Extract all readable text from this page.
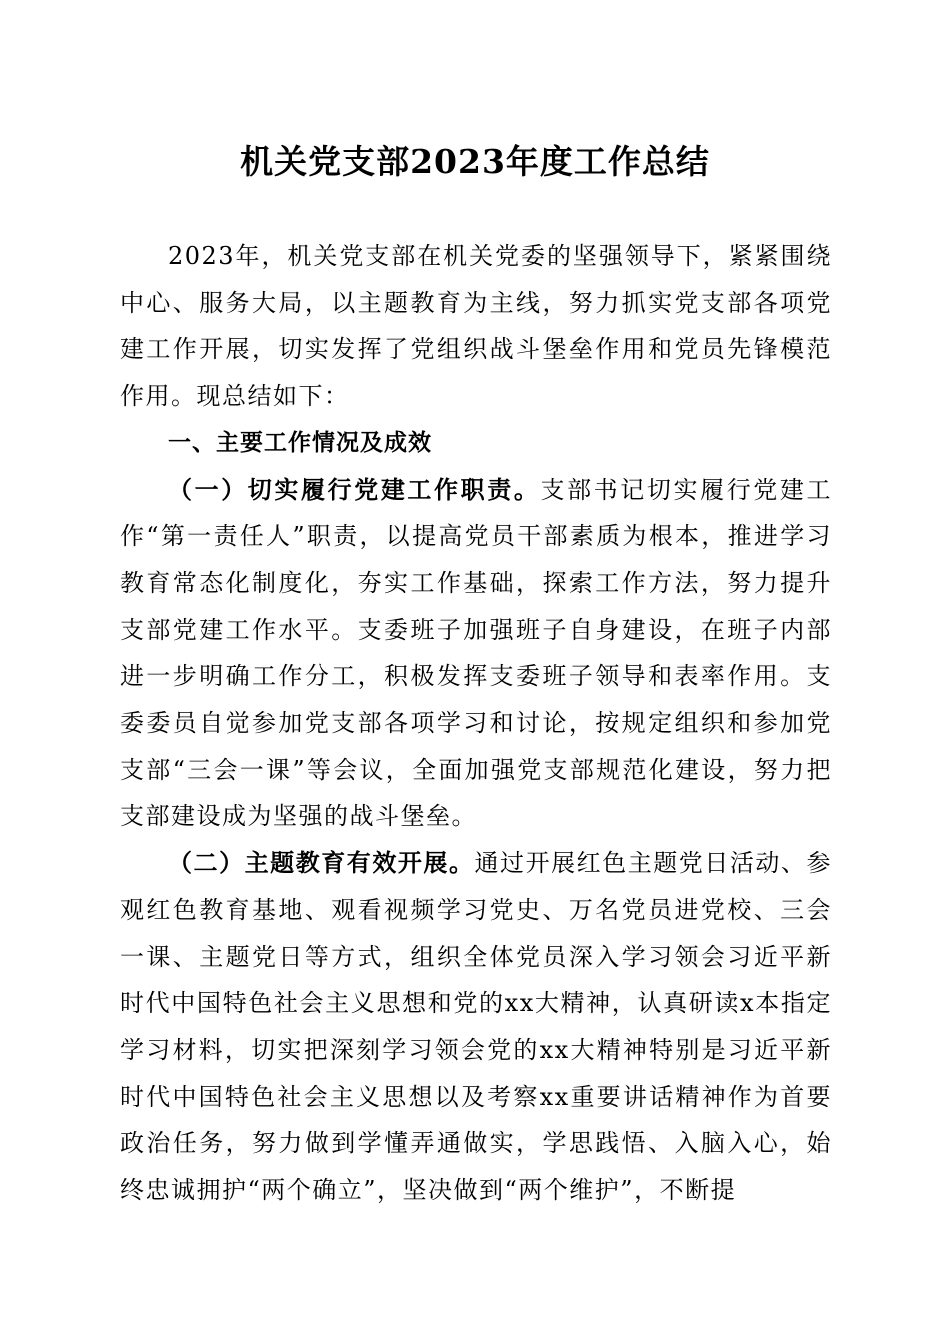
机关党支部2023年度工作总结

2023年，机关党支部在机关党委的坚强领导下，紧紧围绕中心、服务大局，以主题教育为主线，努力抓实党支部各项党建工作开展，切实发挥了党组织战斗堡垒作用和党员先锋模范作用。现总结如下：

一、主要工作情况及成效

（一）切实履行党建工作职责。支部书记切实履行党建工作“第一责任人”职责，以提高党员干部素质为根本，推进学习教育常态化制度化，夯实工作基础，探索工作方法，努力提升支部党建工作水平。支委班子加强班子自身建设，在班子内部进一步明确工作分工，积极发挥支委班子领导和表率作用。支委委员自觉参加党支部各项学习和讨论，按规定组织和参加党支部“三会一课”等会议，全面加强党支部规范化建设，努力把支部建设成为坚强的战斗堡垒。

（二）主题教育有效开展。通过开展红色主题党日活动、参观红色教育基地、观看视频学习党史、万名党员进党校、三会一课、主题党日等方式，组织全体党员深入学习领会习近平新时代中国特色社会主义思想和党的xx大精神，认真研读x本指定学习材料，切实把深刻学习领会党的xx大精神特别是习近平新时代中国特色社会主义思想以及考察xx重要讲话精神作为首要政治任务，努力做到学懂弄通做实，学思践悟、入脑入心，始终忠诚拥护“两个确立”，坚决做到“两个维护”，不断提
